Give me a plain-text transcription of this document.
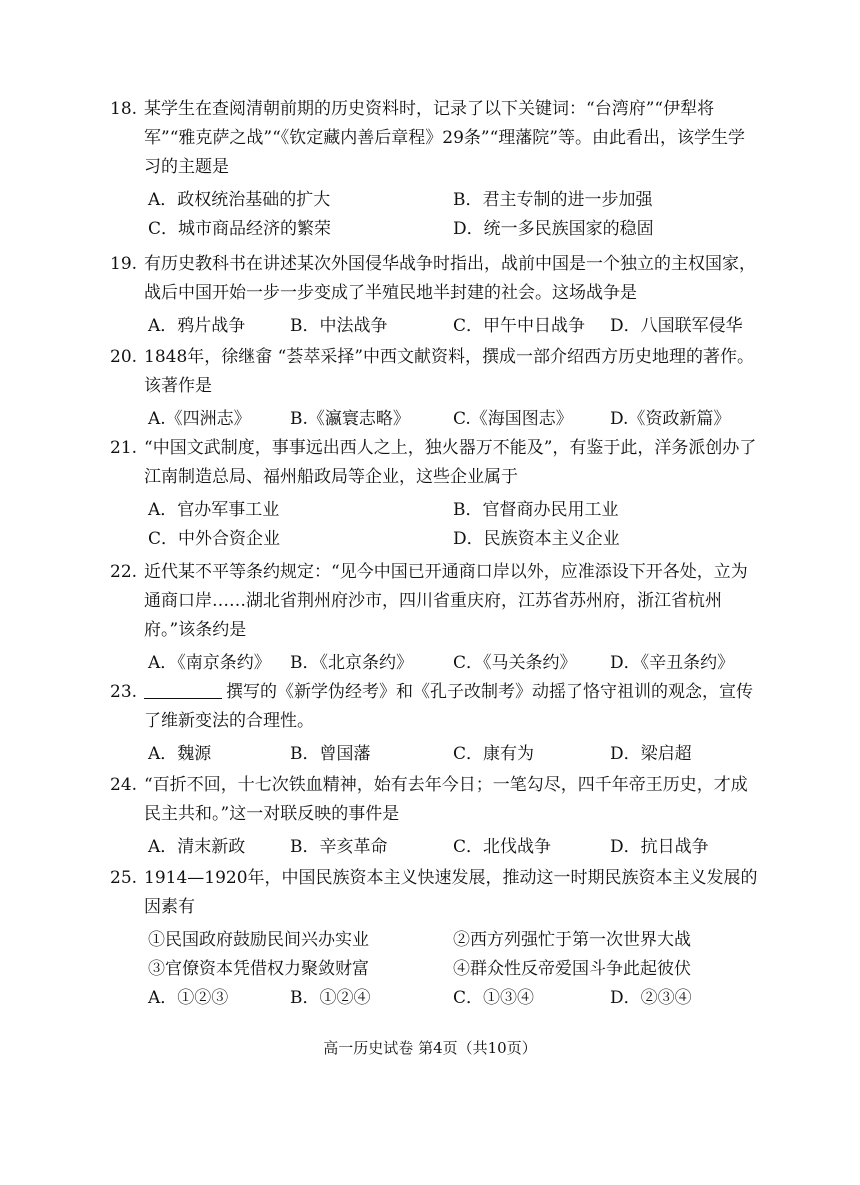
18. 某学生在查阅清朝前期的历史资料时，记录了以下关键词：“台湾府”“伊犁将军”“雅克萨之战”“《钦定藏内善后章程》29条”“理藩院”等。由此看出，该学生学习的主题是
A．政权统治基础的扩大	B．君主专制的进一步加强
C．城市商品经济的繁荣	D．统一多民族国家的稳固
19. 有历史教科书在讲述某次外国侵华战争时指出，战前中国是一个独立的主权国家，战后中国开始一步一步变成了半殖民地半封建的社会。这场战争是
A．鸦片战争	B．中法战争	C．甲午中日战争 D．八国联军侵华
20. 1848年，徐继畲 “荟萃采择”中西文献资料，撰成一部介绍西方历史地理的著作。该著作是
A.《四洲志》 B.《瀛寰志略》	C.《海国图志》 D.《资政新篇》
21. “中国文武制度，事事远出西人之上，独火器万不能及”，有鉴于此，洋务派创办了江南制造总局、福州船政局等企业，这些企业属于
A．官办军事工业	B．官督商办民用工业
C．中外合资企业	D．民族资本主义企业
22. 近代某不平等条约规定：“见今中国已开通商口岸以外，应准添设下开各处，立为通商口岸……湖北省荆州府沙市，四川省重庆府，江苏省苏州府，浙江省杭州府。”该条约是
A．《南京条约》 B．《北京条约》 C．《马关条约》 D．《辛丑条约》
23.	撰写的《新学伪经考》和《孔子改制考》动摇了恪守祖训的观念，宣传了维新变法的合理性。
A．魏源	B．曾国藩	C．康有为	D．梁启超
24. “百折不回，十七次铁血精神，始有去年今日；一笔勾尽，四千年帝王历史，才成民主共和。”这一对联反映的事件是
A．清末新政	B．辛亥革命	C．北伐战争	D．抗日战争
25. 1914—1920年，中国民族资本主义快速发展，推动这一时期民族资本主义发展的因素有
①民国政府鼓励民间兴办实业	②西方列强忙于第一次世界大战
③官僚资本凭借权力聚敛财富	④群众性反帝爱国斗争此起彼伏
A．①②③	B．①②④	C．①③④	D．②③④
高一历史试卷 第4页（共10页）
